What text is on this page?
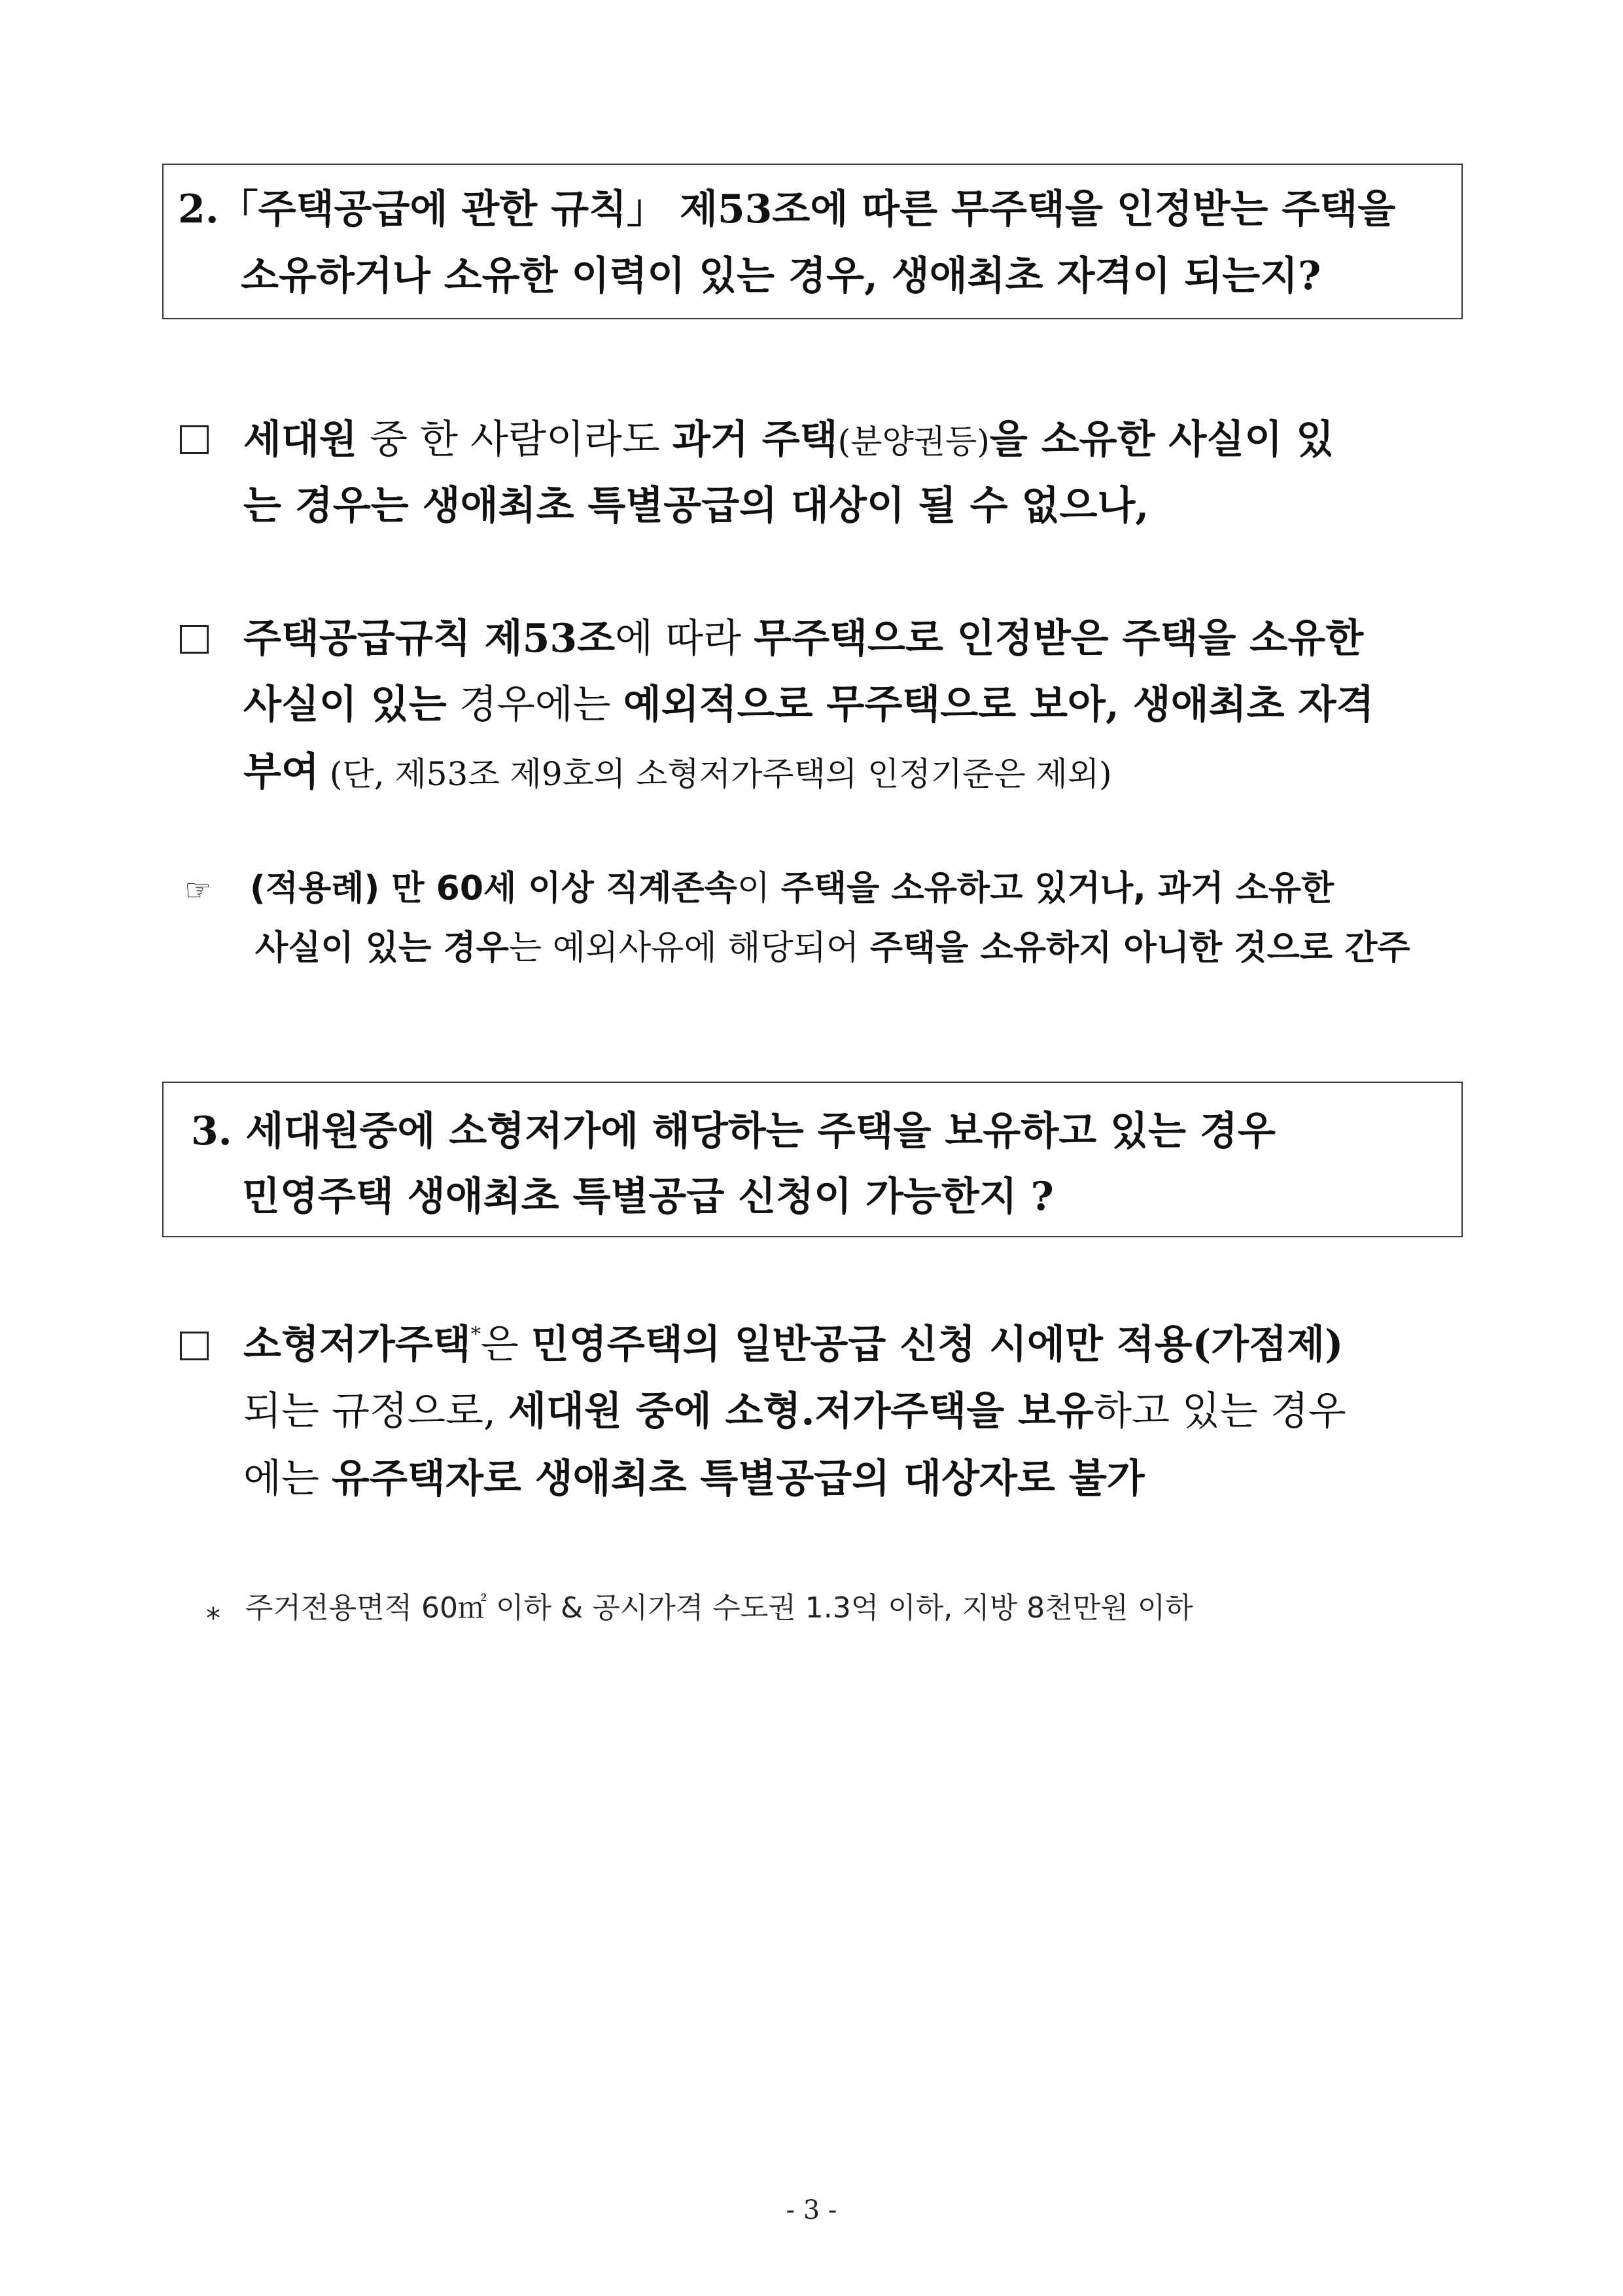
2.「주택공급에 관한 규칙」 제53조에 따른 무주택을 인정받는 주택을
소유하거나 소유한 이력이 있는 경우, 생애최초 자격이 되는지?
세대원 중 한 사람이라도 과거 주택(분양권등)을 소유한 사실이 있
는 경우는 생애최초 특별공급의 대상이 될 수 없으나,
주택공급규칙 제53조에 따라 무주택으로 인정받은 주택을 소유한
사실이 있는 경우에는 예외적으로 무주택으로 보아, 생애최초 자격
부여 (단, 제53조 제9호의 소형저가주택의 인정기준은 제외)
☞ (적용례) 만 60세 이상 직계존속이 주택을 소유하고 있거나, 과거 소유한
사실이 있는 경우는 예외사유에 해당되어 주택을 소유하지 아니한 것으로 간주
3. 세대원중에 소형저가에 해당하는 주택을 보유하고 있는 경우
민영주택 생애최초 특별공급 신청이 가능한지 ?
소형저가주택*은 민영주택의 일반공급 신청 시에만 적용(가점제)
되는 규정으로, 세대원 중에 소형.저가주택을 보유하고 있는 경우
에는 유주택자로 생애최초 특별공급의 대상자로 불가
* 주거전용면적 60㎡ 이하 & 공시가격 수도권 1.3억 이하, 지방 8천만원 이하
- 3 -
